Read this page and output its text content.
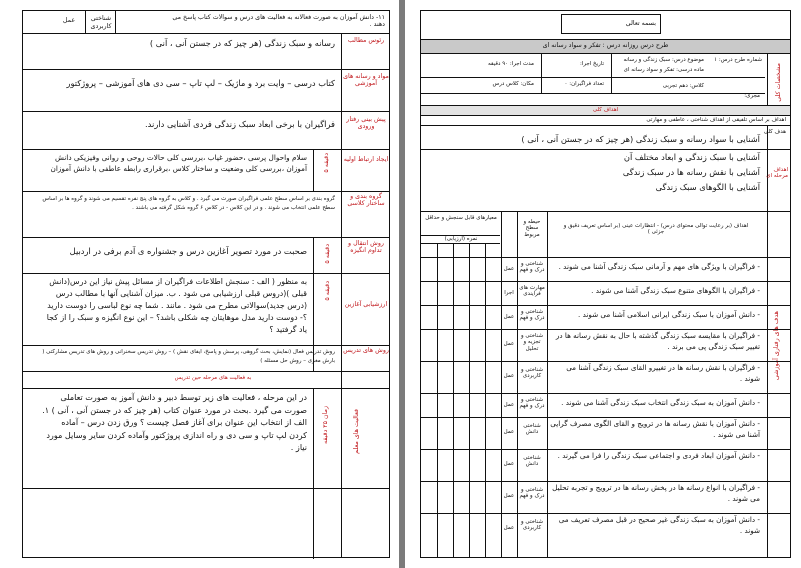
۱۱- دانش آموزان به صورت فعالانه به فعالیت های درس و سوالات کتاب پاسخ می دهند .
شناختی
کاربردی
عمل
رئوس مطالب
رسانه و سبک زندگی (هر چیز که در جستن آنی ، آنی )
مواد و رسانه های آموزشی
کتاب درسی – وایت برد و ماژیک – لپ تاپ – سی دی های آموزشی – پروژکتور
پیش بینی رفتار ورودی
فراگیران با برخی ابعاد سبک زندگی فردی آشنایی دارند.
ایجاد ارتباط اولیه
۵ دقیقه
سلام واحوال پرسی ،حضور غیاب ،بررسی کلی حالات روحی و روانی وفیزیکی دانش آموزان ،بررسی کلی وضعیت و ساختار کلاس ،برقراری رابطه عاطفی با دانش آموزان
گروه بندی و ساختار کلاسی
گروه بندی بر اساس سطح علمی فراگیران صورت می گیرد . و کلاس به گروه های پنج نفره تقسیم می شوند و گروه ها بر اساس سطح علمی انتخاب می شوند . و در این کلاس - در کلاس ۶ گروه شکل گرفته می باشند .
روش انتقال و تداوم انگیزه
۵ دقیقه
صحبت در مورد تصویر آغازین درس و جشنواره ی آدم برفی در اردبیل
ارزشیابی آغازین
۵ دقیقه
به منظور ( الف : سنجش اطلاعات فراگیران از مسائل پیش نیاز این درس(دانش قبلی )(دروس قبلی ارزشیابی می شود . ب. میزان آشنایی آنها با مطالب درس (درس جدید)سوالاتی مطرح می شود . مانند . شما چه نوع لباسی را دوست دارید ؟- دوست دارید مدل موهایتان چه شکلی باشد؟ – این نوع انگیزه و سبک را از کجا یاد گرفتید ؟
روش های تدریس
روش تدریس فعال (نمایش، بحث گروهی، پرسش و پاسخ، ایفای نقش ) – روش تدریس سخنرانی و روش های تدریس مشارکتی ( بارش مغزی – روش حل مسئله )
به فعالیت های مرحله حین تدریس
فعالیت های معلم
زمان ۲۵ دقیقه
در این مرحله ، فعالیت های زیر توسط دبیر و دانش آموز به صورت تعاملی صورت می گیرد .بحث در مورد عنوان کتاب (هر چیز که در جستن آنی ، آنی ) ۱. الف از انتخاب این عنوان برای آغاز فصل چیست ؟ ورق زدن درس – آماده کردن لپ تاپ و سی دی و راه اندازی پروژکتور وآماده کردن سایر وسایل مورد نیاز .
بسمه تعالی
طرح درس روزانه درس : تفکر و سواد رسانه ای
مشخصات کلی
شماره طرح درس: ۱
موضوع درس: سبک زندگی و رسانه
ماده درسی: تفکر و سواد رسانه ای
تاریخ اجرا:
مدت اجرا: ۹۰ دقیقه
تعداد فراگیران: ۰
مکان: کلاس درس	کلاس: دهم تجربی
مجری:
اهداف کلی
اهداف بر اساس تلفیقی از اهداف شناختی ، عاطفی و مهارتی
هدف کلی
آشنایی با سواد رسانه و سبک زندگی (هر چیز که در جستن آنی ، آنی )
اهداف مرحله ای
آشنایی با سبک زندگی و ابعاد مختلف آن
آشنایی با نقش رسانه ها در سبک زندگی
آشنایی با الگوهای سبک زندگی
اهداف (بر رعایت توالی محتوای درس) - انتظارات عینی (بر اساس تعریف دقیق و جزئی )
حیطه و سطح مربوط
معیارهای قابل سنجش و حداقل
نمره (ارزیابی)
هدف های رفتاری آموزشی
- فراگیران با ویژگی های مهم و آرمانی سبک زندگی آشنا می شوند .
شناختی و درک و فهم
عمل
- فراگیران با الگوهای متنوع سبک زندگی آشنا می شوند .
مهارت های فرایندی
اجرا
- دانش آموزان با سبک زندگی ایرانی اسلامی آشنا می شوند .
شناختی و درک و فهم
عمل
- فراگیران با مقایسه سبک زندگی گذشته با حال به نقش رسانه ها در تغییر سبک زندگی پی می برند .
شناختی و تجزیه و تحلیل
عمل
- فراگیران با نقش رسانه ها در تغییرو القای سبک زندگی آشنا می شوند .
شناختی و کاربردی
عمل
- دانش آموزان به سبک زندگی انتخاب سبک زندگی آشنا می شوند .
شناختی و درک و فهم
عمل
- دانش آموزان با نقش رسانه ها در ترویج و القای الگوی مصرف گرایی آشنا می شوند .
شناختی دانش
عمل
- دانش آموزان ابعاد فردی و اجتماعی سبک زندگی را فرا می گیرند .
شناختی دانش
عمل
- فراگیران با انواع رسانه ها در پخش رسانه ها در ترویج و تجربه تحلیل می شوند .
شناختی و درک و فهم
عمل
- دانش آموزان به سبک زندگی غیر صحیح در قبل مصرف تعریف می شوند .
شناختی و کاربردی
عمل
